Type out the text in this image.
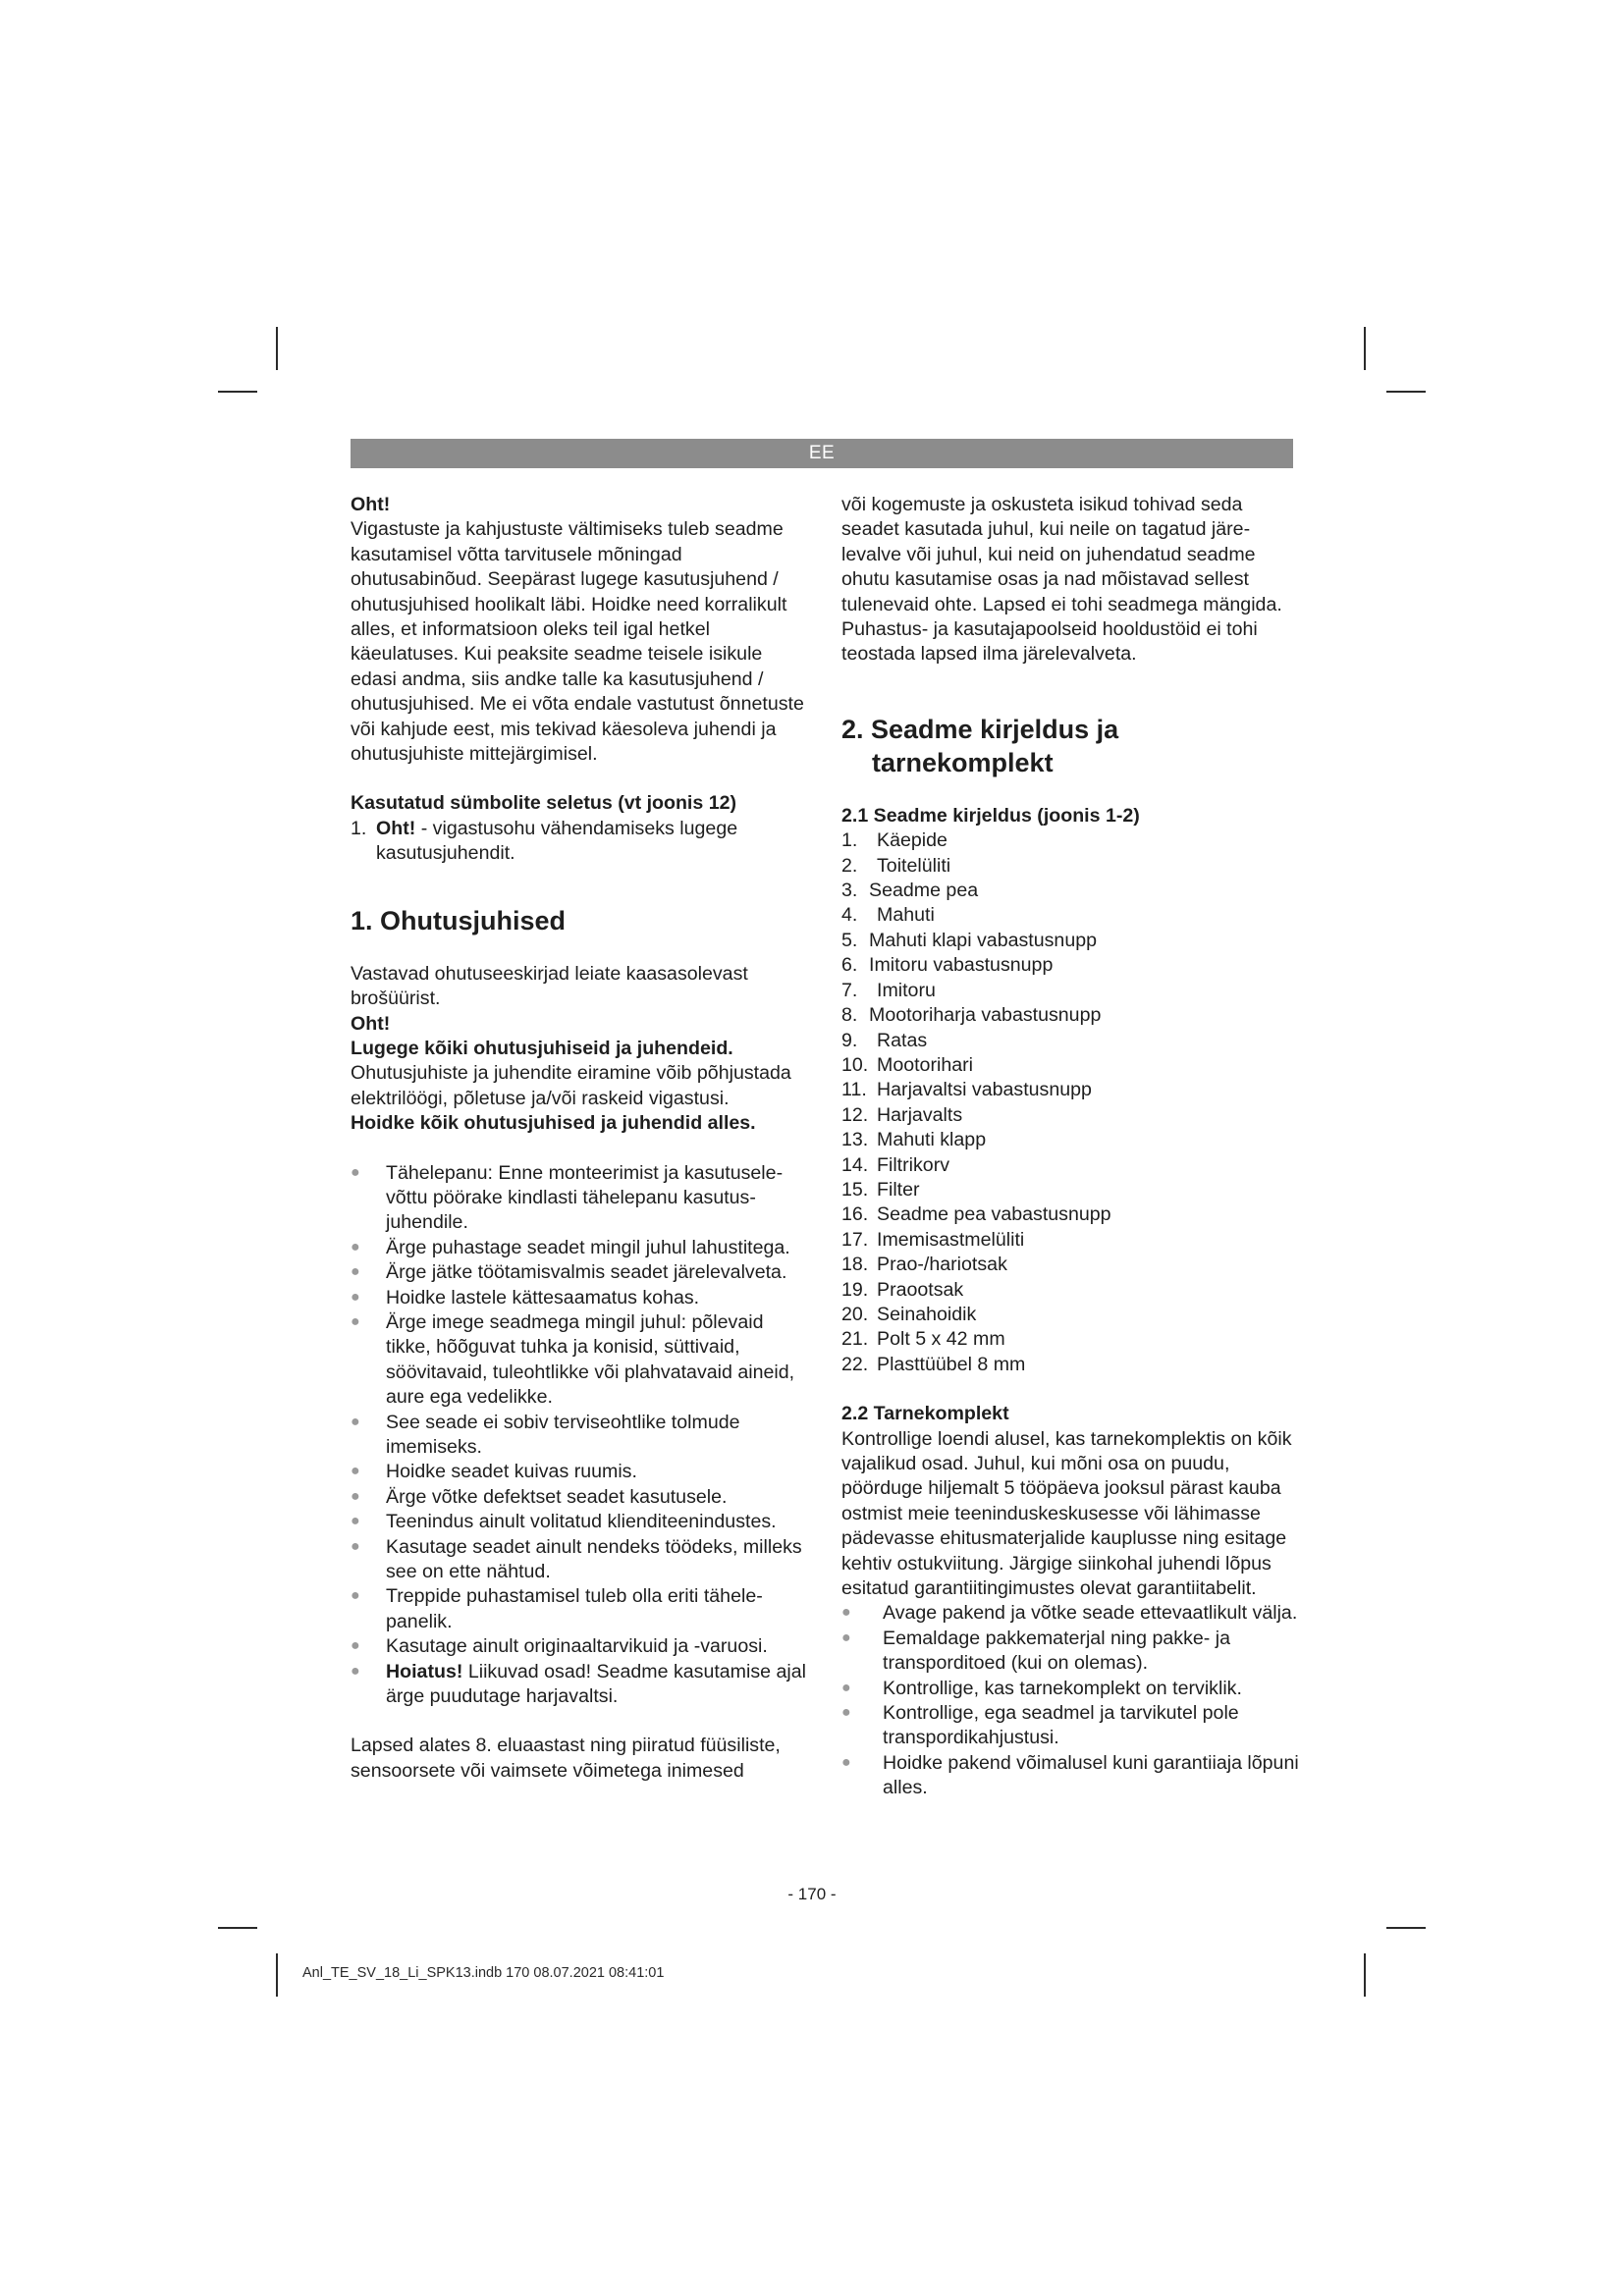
EE

Oht!

Vigastuste ja kahjustuste vältimiseks tuleb seadme kasutamisel võtta tarvitusele mõningad ohutusabinõud. Seepärast lugege kasutusjuhend / ohutusjuhised hoolikalt läbi. Hoidke need korralikult alles, et informatsioon oleks teil igal hetkel käeulatuses. Kui peaksite seadme teisele isikule edasi andma, siis andke talle ka kasutusjuhend / ohutusjuhised. Me ei võta endale vastutust õnnetuste või kahjude eest, mis tekivad käesoleva juhendi ja ohutusjuhiste mittejärgimisel.

Kasutatud sümbolite seletus (vt joonis 12)

1. Oht! - vigastusohu vähendamiseks lugege kasutusjuhendit.
1. Ohutusjuhised

Vastavad ohutuseeskirjad leiate kaasasolevast brošüürist.

Oht!

Lugege kõiki ohutusjuhiseid ja juhendeid.

Ohutusjuhiste ja juhendite eiramine võib põhjustada elektrilöögi, põletuse ja/või raskeid vigastusi.

Hoidke kõik ohutusjuhised ja juhendid alles.

●	Tähelepanu: Enne monteerimist ja kasutuselevõttu pöörake kindlasti tähelepanu kasutusjuhendile.
●	Ärge puhastage seadet mingil juhul lahustitega.
●	Ärge jätke töötamisvalmis seadet järelevalveta.
●	Hoidke lastele kättesaamatus kohas.
●	Ärge imege seadmega mingil juhul: põlevaid tikke, hõõguvat tuhka ja konisid, süttivaid, söövitavaid, tuleohtlikke või plahvatavaid aineid, aure ega vedelikke.
●	See seade ei sobiv terviseohtlike tolmude imemiseks.
●	Hoidke seadet kuivas ruumis.
●	Ärge võtke defektset seadet kasutusele.
●	Teenindus ainult volitatud klienditeenindustes.
●	Kasutage seadet ainult nendeks töödeks, milleks see on ette nähtud.
●	Treppide puhastamisel tuleb olla eriti tähelepanelik.
●	Kasutage ainult originaaltarvikuid ja -varuosi.
●	Hoiatus! Liikuvad osad! Seadme kasutamise ajal ärge puudutage harjavaltsi.

Lapsed alates 8. eluaastast ning piiratud füüsiliste, sensoorsete või vaimsete võimetega inimesed

või kogemuste ja oskusteta isikud tohivad seda seadet kasutada juhul, kui neile on tagatud järelevalve või juhul, kui neid on juhendatud seadme ohutu kasutamise osas ja nad mõistavad sellest tulenevaid ohte. Lapsed ei tohi seadmega mängida. Puhastus- ja kasutajapoolseid hooldustöid ei tohi teostada lapsed ilma järelevalveta.

2. Seadme kirjeldus ja
tarnekomplekt
2.1 Seadme kirjeldus (joonis 1-2)
1.	Käepide
2.	Toitelüliti
3. Seadme pea
4.	Mahuti
5. Mahuti klapi vabastusnupp
6. Imitoru vabastusnupp
7.	Imitoru
8. Mootoriharja vabastusnupp
9.	Ratas
10. Mootorihari
11. Harjavaltsi vabastusnupp
12. Harjavalts
13. Mahuti klapp
14. Filtrikorv
15. Filter
16. Seadme pea vabastusnupp
17. Imemisastmelüliti
18. Prao-/hariotsak
19. Praootsak
20. Seinahoidik
21. Polt 5 x 42 mm
22. Plasttüübel 8 mm
2.2 Tarnekomplekt

Kontrollige loendi alusel, kas tarnekomplektis on kõik vajalikud osad. Juhul, kui mõni osa on puudu, pöörduge hiljemalt 5 tööpäeva jooksul pärast kauba ostmist meie teeninduskeskusesse või lähimasse pädevasse ehitusmaterjalide kauplusse ning esitage kehtiv ostukviitung. Järgige siinkohal juhendi lõpus esitatud garantiitingimustes olevat garantiitabelit.

●	Avage pakend ja võtke seade ettevaatlikult välja.
●	Eemaldage pakkematerjal ning pakke- ja transporditoed (kui on olemas).
●	Kontrollige, kas tarnekomplekt on terviklik.
●	Kontrollige, ega seadmel ja tarvikutel pole transpordikahjustusi.
●	Hoidke pakend võimalusel kuni garantiiaja lõpuni alles.
- 170 -
Anl_TE_SV_18_Li_SPK13.indb 170 08.07.2021 08:41:01
